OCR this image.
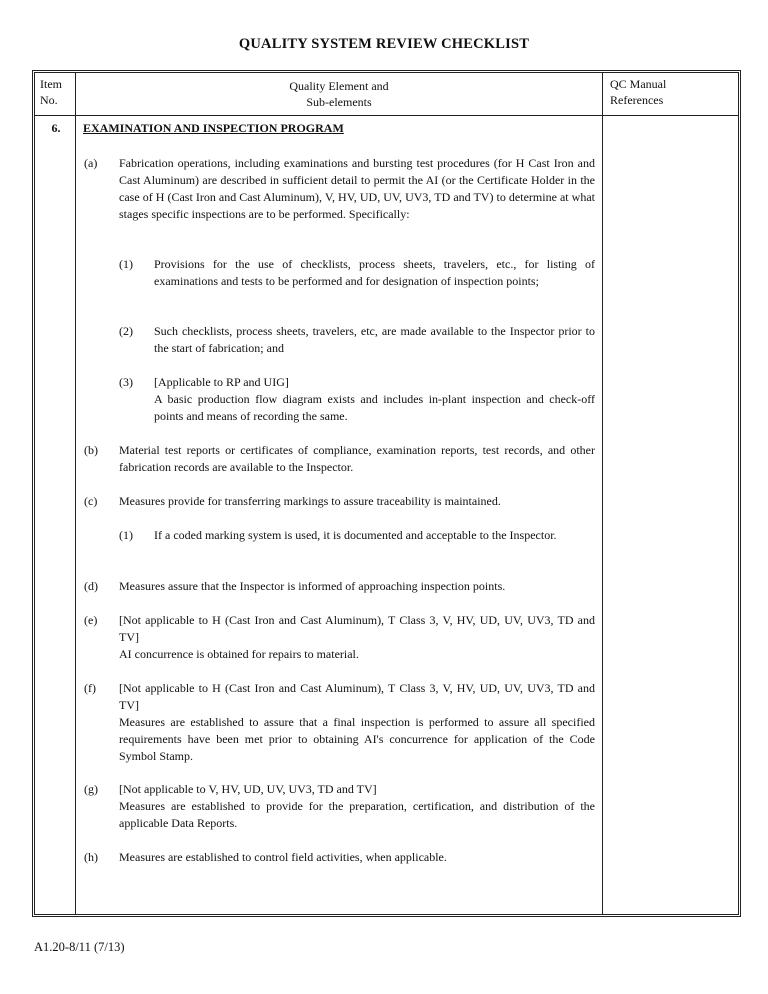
QUALITY SYSTEM REVIEW CHECKLIST
Item
No.
Quality Element and
Sub-elements
QC Manual
References
6.	EXAMINATION AND INSPECTION PROGRAM
(a) Fabrication operations, including examinations and bursting test procedures (for H Cast Iron and Cast Aluminum) are described in sufficient detail to permit the AI (or the Certificate Holder in the case of H (Cast Iron and Cast Aluminum), V, HV, UD, UV, UV3, TD and TV) to determine at what stages specific inspections are to be performed. Specifically:
(1) Provisions for the use of checklists, process sheets, travelers, etc., for listing of examinations and tests to be performed and for designation of inspection points;
(2) Such checklists, process sheets, travelers, etc, are made available to the Inspector prior to the start of fabrication; and
(3) [Applicable to RP and UIG]
A basic production flow diagram exists and includes in-plant inspection and check-off points and means of recording the same.
(b) Material test reports or certificates of compliance, examination reports, test records, and other fabrication records are available to the Inspector.
(c) Measures provide for transferring markings to assure traceability is maintained.
(1) If a coded marking system is used, it is documented and acceptable to the Inspector.
(d) Measures assure that the Inspector is informed of approaching inspection points.
(e) [Not applicable to H (Cast Iron and Cast Aluminum), T Class 3, V, HV, UD, UV, UV3, TD and TV]
AI concurrence is obtained for repairs to material.
(f) [Not applicable to H (Cast Iron and Cast Aluminum), T Class 3, V, HV, UD, UV, UV3, TD and TV]
Measures are established to assure that a final inspection is performed to assure all specified requirements have been met prior to obtaining AI's concurrence for application of the Code Symbol Stamp.
(g) [Not applicable to V, HV, UD, UV, UV3, TD and TV]
Measures are established to provide for the preparation, certification, and distribution of the applicable Data Reports.
(h) Measures are established to control field activities, when applicable.
A1.20-8/11 (7/13)
